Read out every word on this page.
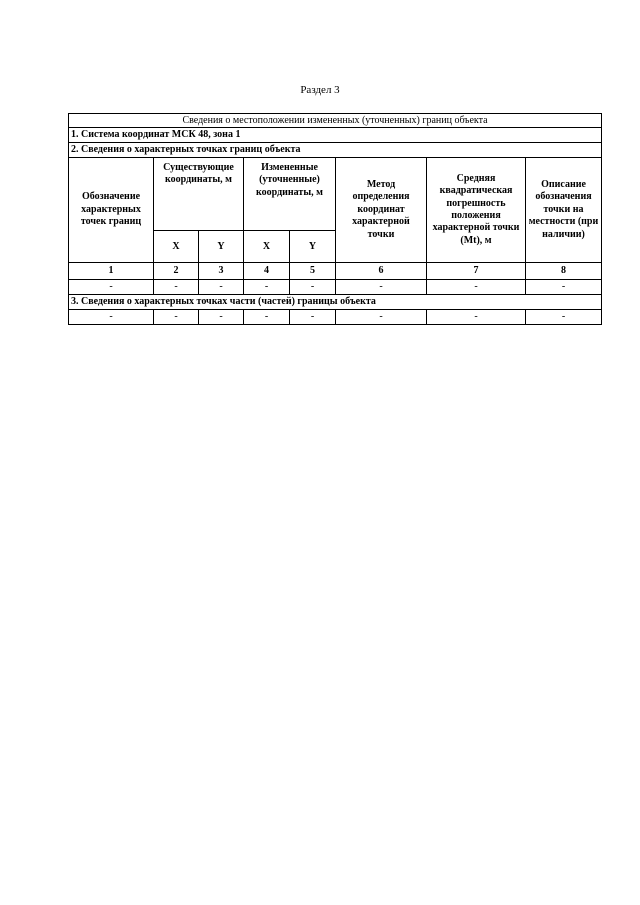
Раздел 3
Сведения о местоположении измененных (уточненных) границ объекта							
1. Система координат МСК 48, зона 1							
2. Сведения о характерных точках границ объекта							
Обозначение характерных точек границ	Существующие координаты, м		Измененные (уточненные) координаты, м		Метод определения координат характерной точки	Средняя квадратическая погрешность положения характерной точки (Mt), м	Описание обозначения точки на местности (при наличии)
	X	Y	X	Y			
1	2	3	4	5	6	7	8
-	-	-	-	-	-	-	-
3. Сведения о характерных точках части (частей) границы объекта							
-	-	-	-	-	-	-	-
